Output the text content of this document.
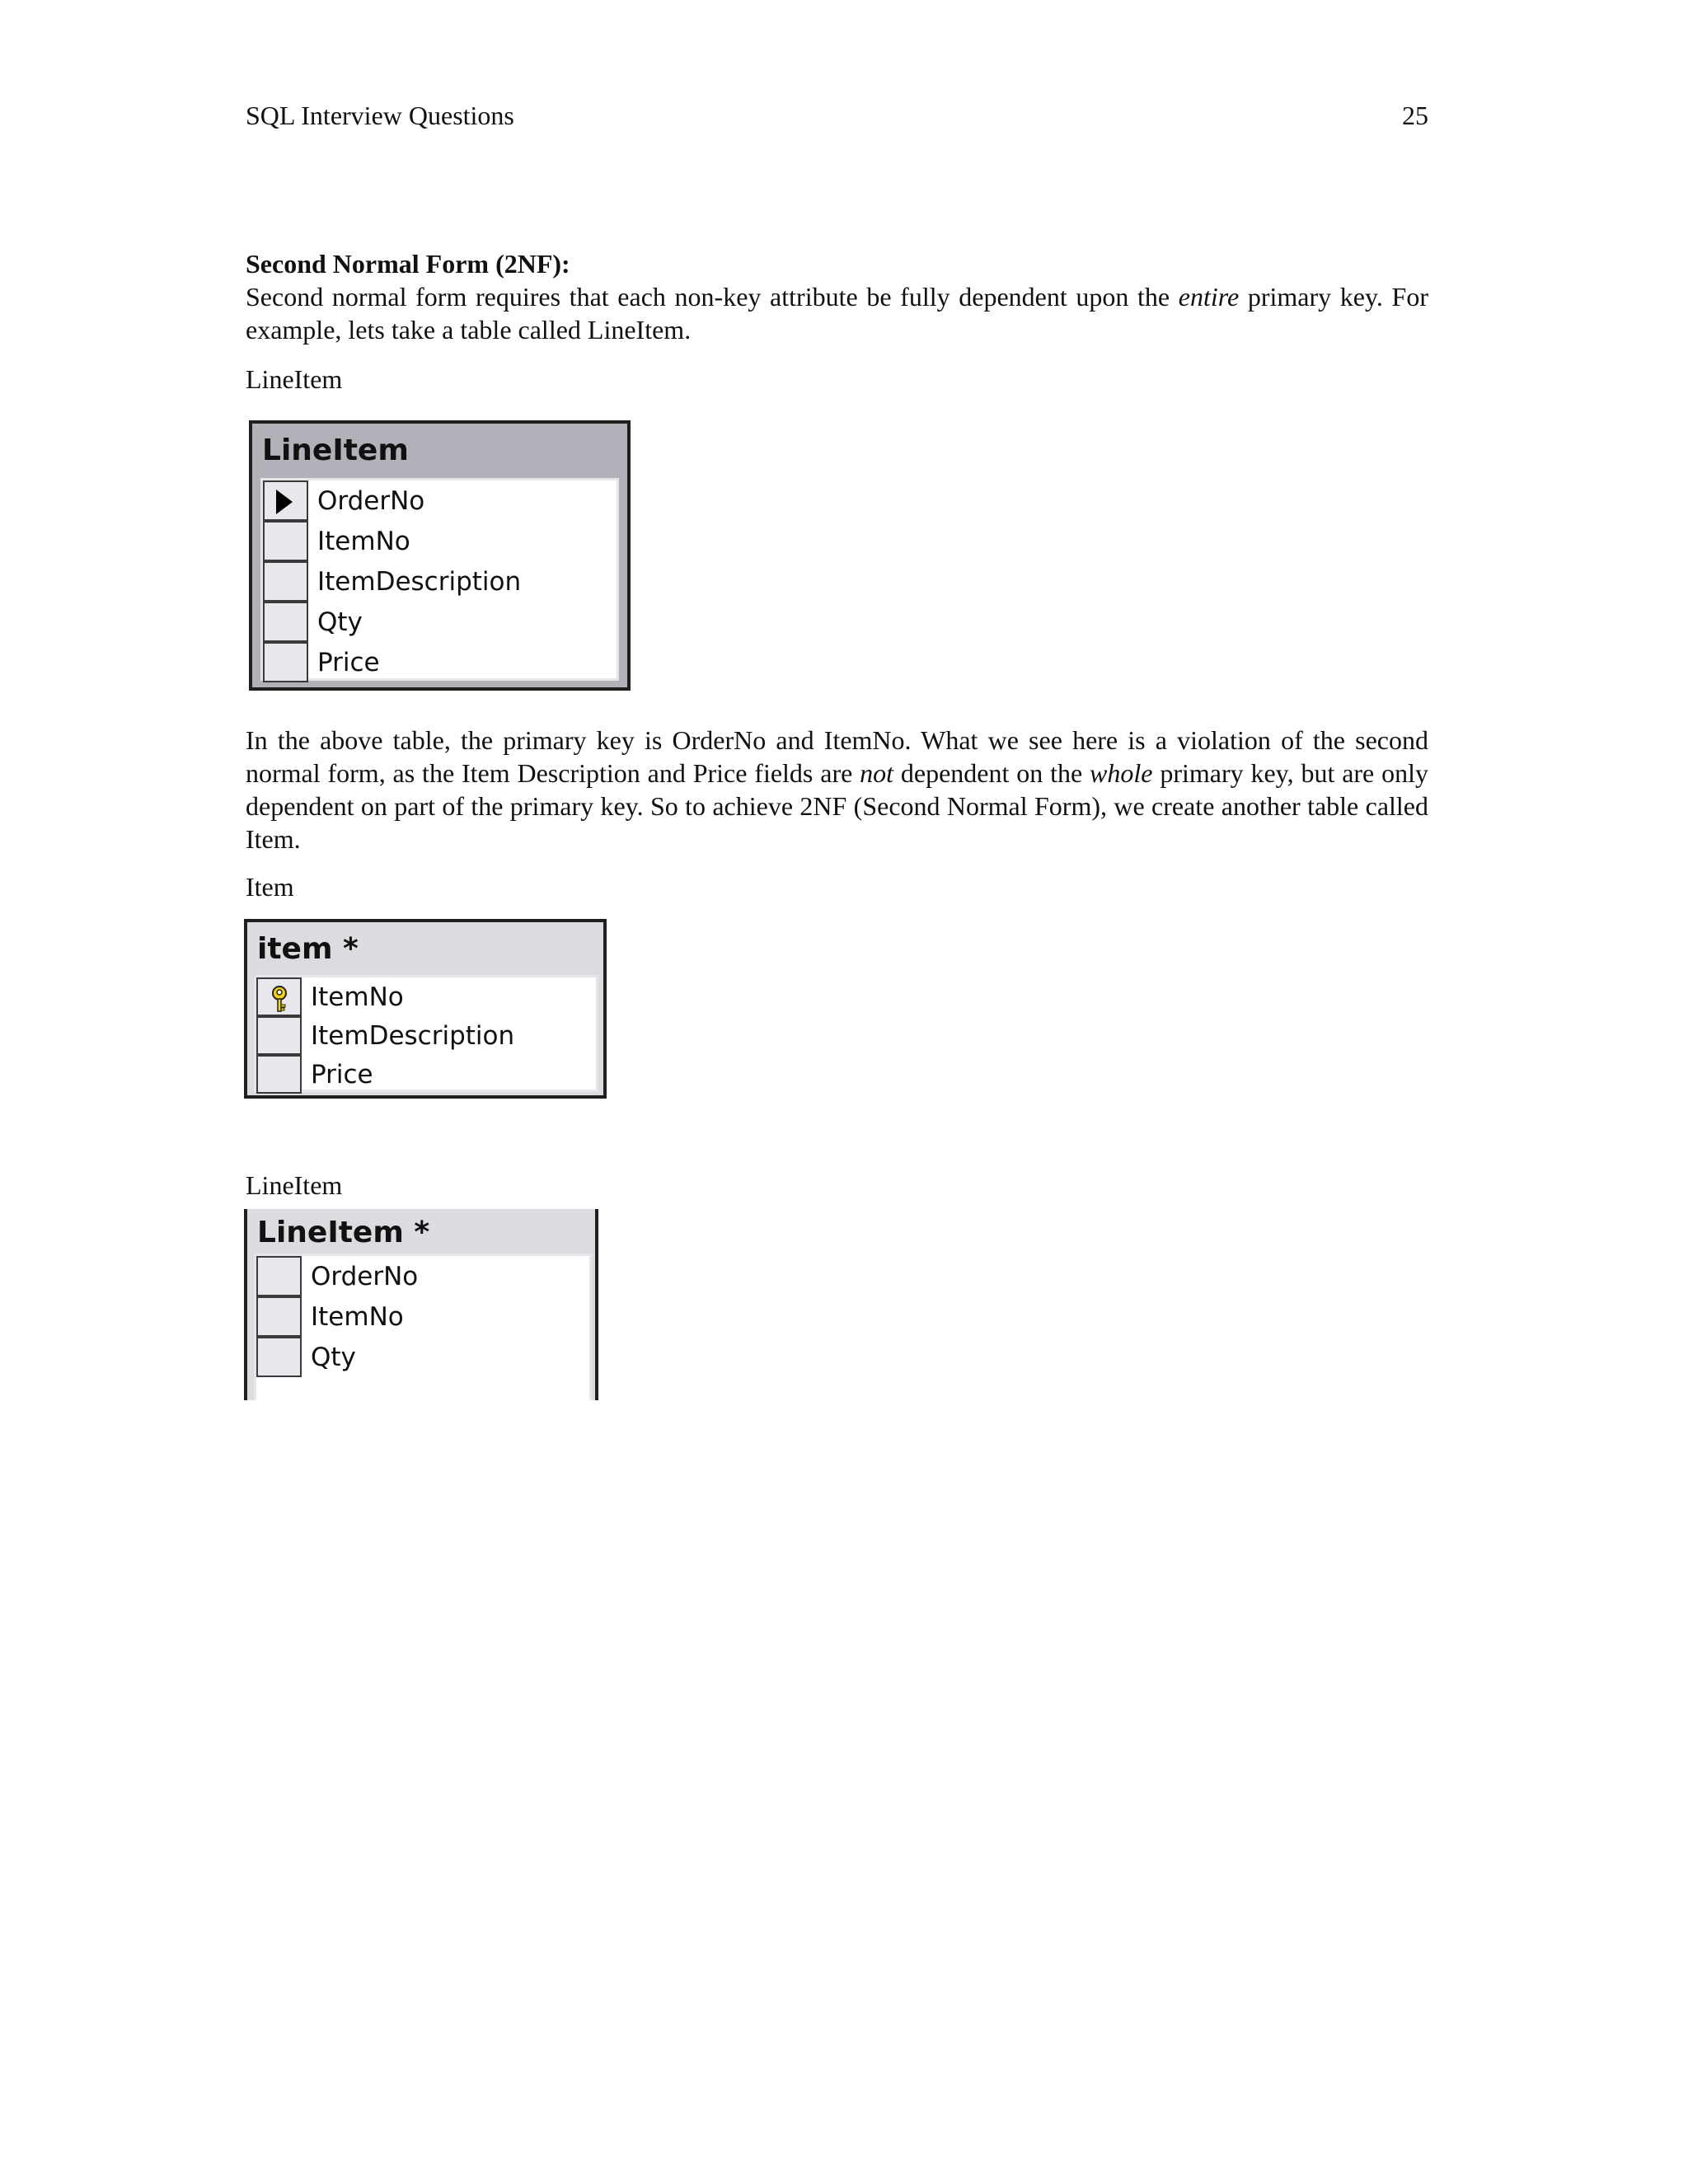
SQL Interview Questions	25
Second Normal Form (2NF):
Second normal form requires that each non-key attribute be fully dependent upon the entire primary key. For example, lets take a table called LineItem.
LineItem
LineItem
OrderNo
ItemNo
ItemDescription
Qty
Price
In the above table, the primary key is OrderNo and ItemNo. What we see here is a violation of the second normal form, as the Item Description and Price fields are not dependent on the whole primary key, but are only dependent on part of the primary key. So to achieve 2NF (Second Normal Form), we create another table called Item.
Item
item *
ItemNo
ItemDescription
Price
LineItem
LineItem *
OrderNo
ItemNo
Qty
